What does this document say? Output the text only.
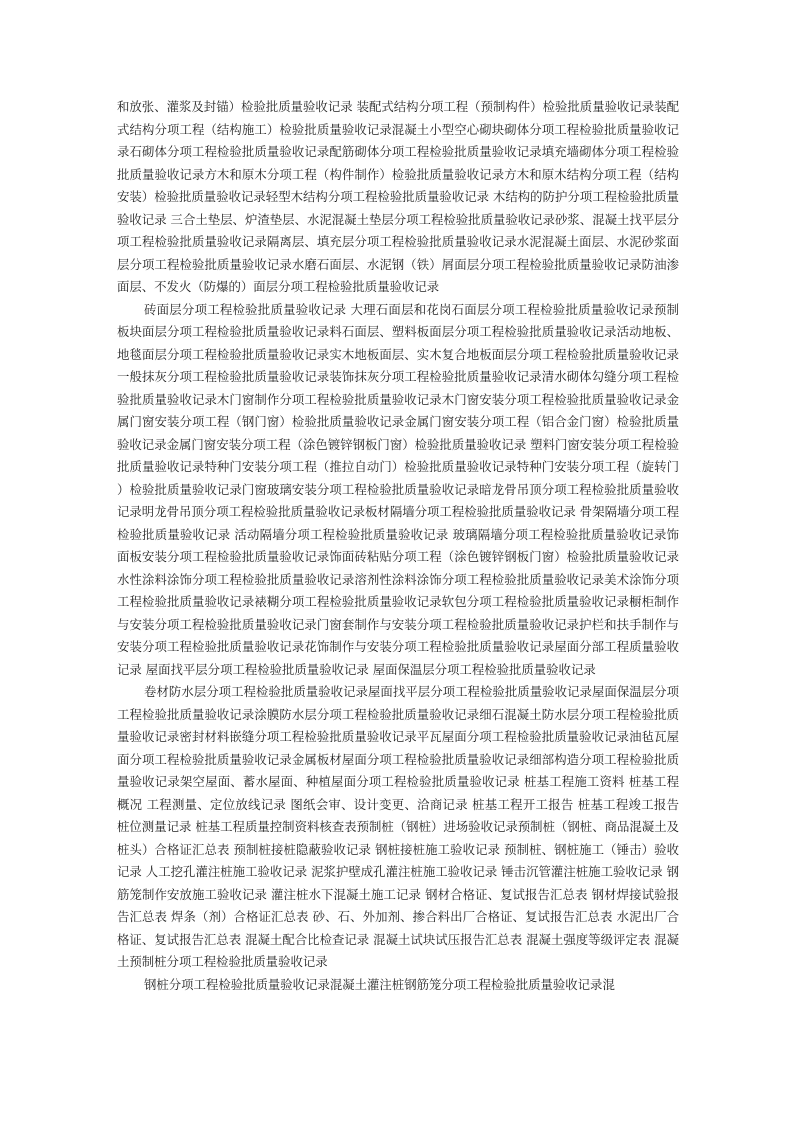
和放张、灌浆及封锚）检验批质量验收记录 装配式结构分项工程（预制构件）检验批质量验收记录装配式结构分项工程（结构施工）检验批质量验收记录混凝土小型空心砌块砌体分项工程检验批质量验收记录石砌体分项工程检验批质量验收记录配筋砌体分项工程检验批质量验收记录填充墙砌体分项工程检验批质量验收记录方木和原木分项工程（构件制作）检验批质量验收记录方木和原木结构分项工程（结构安装）检验批质量验收记录轻型木结构分项工程检验批质量验收记录 木结构的防护分项工程检验批质量验收记录 三合土垫层、炉渣垫层、水泥混凝土垫层分项工程检验批质量验收记录砂浆、混凝土找平层分项工程检验批质量验收记录隔离层、填充层分项工程检验批质量验收记录水泥混凝土面层、水泥砂浆面层分项工程检验批质量验收记录水磨石面层、水泥钢（铁）屑面层分项工程检验批质量验收记录防油渗面层、不发火（防爆的）面层分项工程检验批质量验收记录

砖面层分项工程检验批质量验收记录 大理石面层和花岗石面层分项工程检验批质量验收记录预制板块面层分项工程检验批质量验收记录料石面层、塑料板面层分项工程检验批质量验收记录活动地板、地毯面层分项工程检验批质量验收记录实木地板面层、实木复合地板面层分项工程检验批质量验收记录一般抹灰分项工程检验批质量验收记录装饰抹灰分项工程检验批质量验收记录清水砌体勾缝分项工程检验批质量验收记录木门窗制作分项工程检验批质量验收记录木门窗安装分项工程检验批质量验收记录金属门窗安装分项工程（钢门窗）检验批质量验收记录金属门窗安装分项工程（铝合金门窗）检验批质量验收记录金属门窗安装分项工程（涂色镀锌钢板门窗）检验批质量验收记录 塑料门窗安装分项工程检验批质量验收记录特种门安装分项工程（推拉自动门）检验批质量验收记录特种门安装分项工程（旋转门）检验批质量验收记录门窗玻璃安装分项工程检验批质量验收记录暗龙骨吊顶分项工程检验批质量验收记录明龙骨吊顶分项工程检验批质量验收记录板材隔墙分项工程检验批质量验收记录 骨架隔墙分项工程检验批质量验收记录 活动隔墙分项工程检验批质量验收记录 玻璃隔墙分项工程检验批质量验收记录饰面板安装分项工程检验批质量验收记录饰面砖粘贴分项工程（涂色镀锌钢板门窗）检验批质量验收记录水性涂料涂饰分项工程检验批质量验收记录溶剂性涂料涂饰分项工程检验批质量验收记录美术涂饰分项工程检验批质量验收记录裱糊分项工程检验批质量验收记录软包分项工程检验批质量验收记录橱柜制作与安装分项工程检验批质量验收记录门窗套制作与安装分项工程检验批质量验收记录护栏和扶手制作与安装分项工程检验批质量验收记录花饰制作与安装分项工程检验批质量验收记录屋面分部工程质量验收记录 屋面找平层分项工程检验批质量验收记录 屋面保温层分项工程检验批质量验收记录

卷材防水层分项工程检验批质量验收记录屋面找平层分项工程检验批质量验收记录屋面保温层分项工程检验批质量验收记录涂膜防水层分项工程检验批质量验收记录细石混凝土防水层分项工程检验批质量验收记录密封材料嵌缝分项工程检验批质量验收记录平瓦屋面分项工程检验批质量验收记录油毡瓦屋面分项工程检验批质量验收记录金属板材屋面分项工程检验批质量验收记录细部构造分项工程检验批质量验收记录架空屋面、蓄水屋面、种植屋面分项工程检验批质量验收记录 桩基工程施工资料 桩基工程概况 工程测量、定位放线记录 图纸会审、设计变更、洽商记录 桩基工程开工报告 桩基工程竣工报告 桩位测量记录 桩基工程质量控制资料核查表预制桩（钢桩）进场验收记录预制桩（钢桩、商品混凝土及桩头）合格证汇总表 预制桩接桩隐蔽验收记录 钢桩接桩施工验收记录 预制桩、钢桩施工（锤击）验收记录 人工挖孔灌注桩施工验收记录 泥浆护壁成孔灌注桩施工验收记录 锤击沉管灌注桩施工验收记录 钢筋笼制作安放施工验收记录 灌注桩水下混凝土施工记录 钢材合格证、复试报告汇总表 钢材焊接试验报告汇总表 焊条（剂）合格证汇总表 砂、石、外加剂、掺合料出厂合格证、复试报告汇总表 水泥出厂合格证、复试报告汇总表 混凝土配合比检查记录 混凝土试块试压报告汇总表 混凝土强度等级评定表 混凝土预制桩分项工程检验批质量验收记录

钢桩分项工程检验批质量验收记录混凝土灌注桩钢筋笼分项工程检验批质量验收记录混
